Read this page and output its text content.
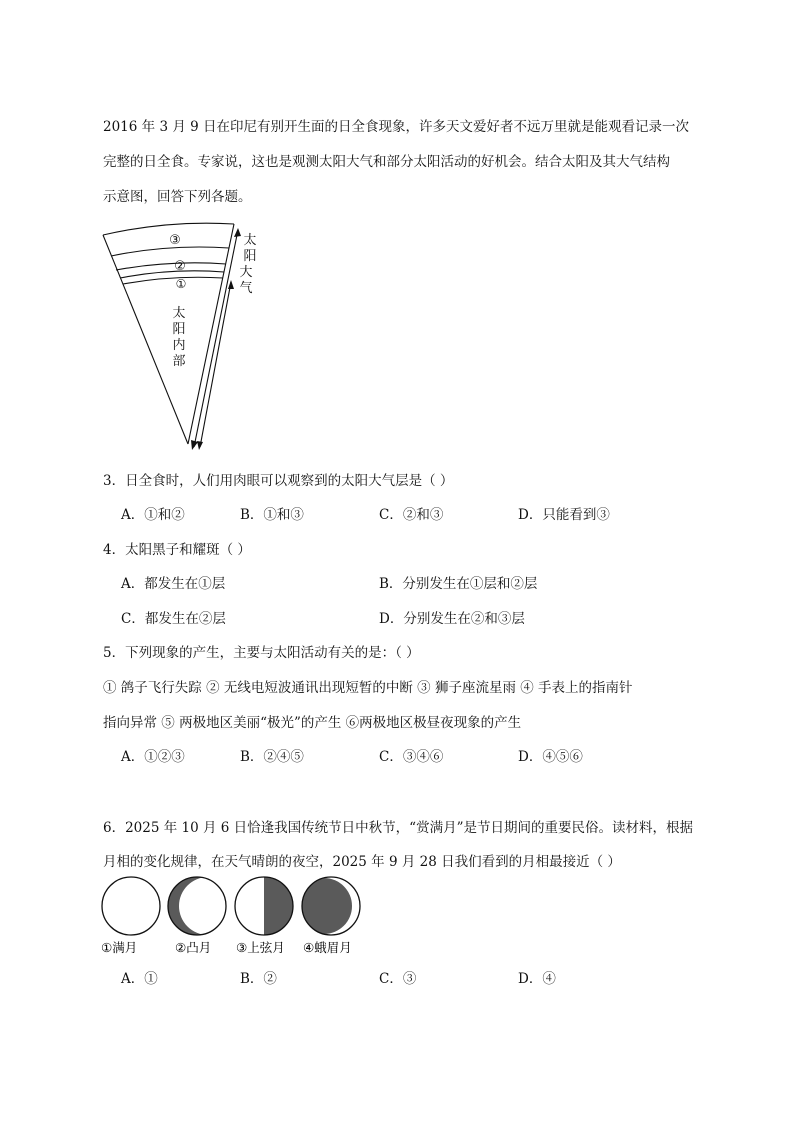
2016 年 3 月 9 日在印尼有别开生面的日全食现象，许多天文爱好者不远万里就是能观看记录一次
完整的日全食。专家说，这也是观测太阳大气和部分太阳活动的好机会。结合太阳及其大气结构
示意图，回答下列各题。
③
②
①
太
阳
大
气
太
阳
内
部
3．日全食时，人们用肉眼可以观察到的太阳大气层是（ ）
A．①和②	B．①和③	C．②和③	D．只能看到③
4．太阳黑子和耀斑（ ）
A．都发生在①层	B．分别发生在①层和②层
C．都发生在②层	D．分别发生在②和③层
5．下列现象的产生，主要与太阳活动有关的是：（ ）
① 鸽子飞行失踪 ② 无线电短波通讯出现短暂的中断 ③ 狮子座流星雨 ④ 手表上的指南针
指向异常 ⑤ 两极地区美丽“极光”的产生 ⑥两极地区极昼夜现象的产生
A．①②③	B．②④⑤	C．③④⑥	D．④⑤⑥
6．2025 年 10 月 6 日恰逢我国传统节日中秋节，“赏满月”是节日期间的重要民俗。读材料，根据
月相的变化规律，在天气晴朗的夜空，2025 年 9 月 28 日我们看到的月相最接近（ ）
①满月	②凸月 ③上弦月 ④蛾眉月
A．①	B．②	C．③	D．④
